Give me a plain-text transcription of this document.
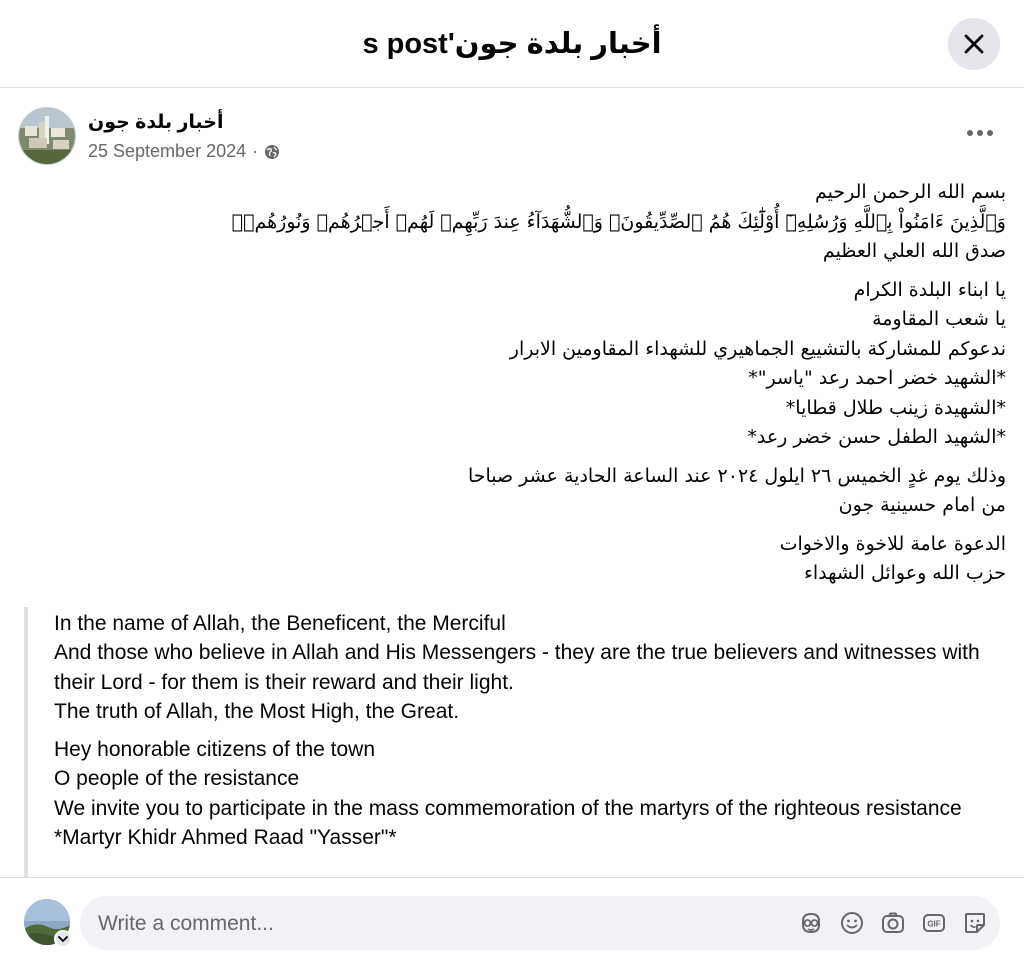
أخبار بلدة جون's post
أخبار بلدة جون
25 September 2024 ·

بسم الله الرحمن الرحيم
وَٱلَّذِينَ ءَامَنُواْ بِٱللَّهِ وَرُسُلِهِۦٓ أُوْلَٰٓئِكَ هُمُ ٱلصِّدِّيقُونَۖ وَٱلشُّهَدَآءُ عِندَ رَبِّهِمۡ لَهُمۡ أَجۡرُهُمۡ وَنُورُهُمۡۖ
صدق الله العلي العظيم

يا ابناء البلدة الكرام
يا شعب المقاومة
ندعوكم للمشاركة بالتشييع الجماهيري للشهداء المقاومين الابرار
*الشهيد خضر احمد رعد "ياسر"*
*الشهيدة زينب طلال قطايا*
*الشهيد الطفل حسن خضر رعد*

وذلك يوم غدٍ الخميس ٢٦ ايلول ٢٠٢٤ عند الساعة الحادية عشر صباحا
من امام حسينية جون

الدعوة عامة للاخوة والاخوات
حزب الله وعوائل الشهداء

In the name of Allah, the Beneficent, the Merciful
And those who believe in Allah and His Messengers - they are the true believers and witnesses with their Lord - for them is their reward and their light.
The truth of Allah, the Most High, the Great.

Hey honorable citizens of the town
O people of the resistance
We invite you to participate in the mass commemoration of the martyrs of the righteous resistance
*Martyr Khidr Ahmed Raad "Yasser"*

Write a comment...
GIF
